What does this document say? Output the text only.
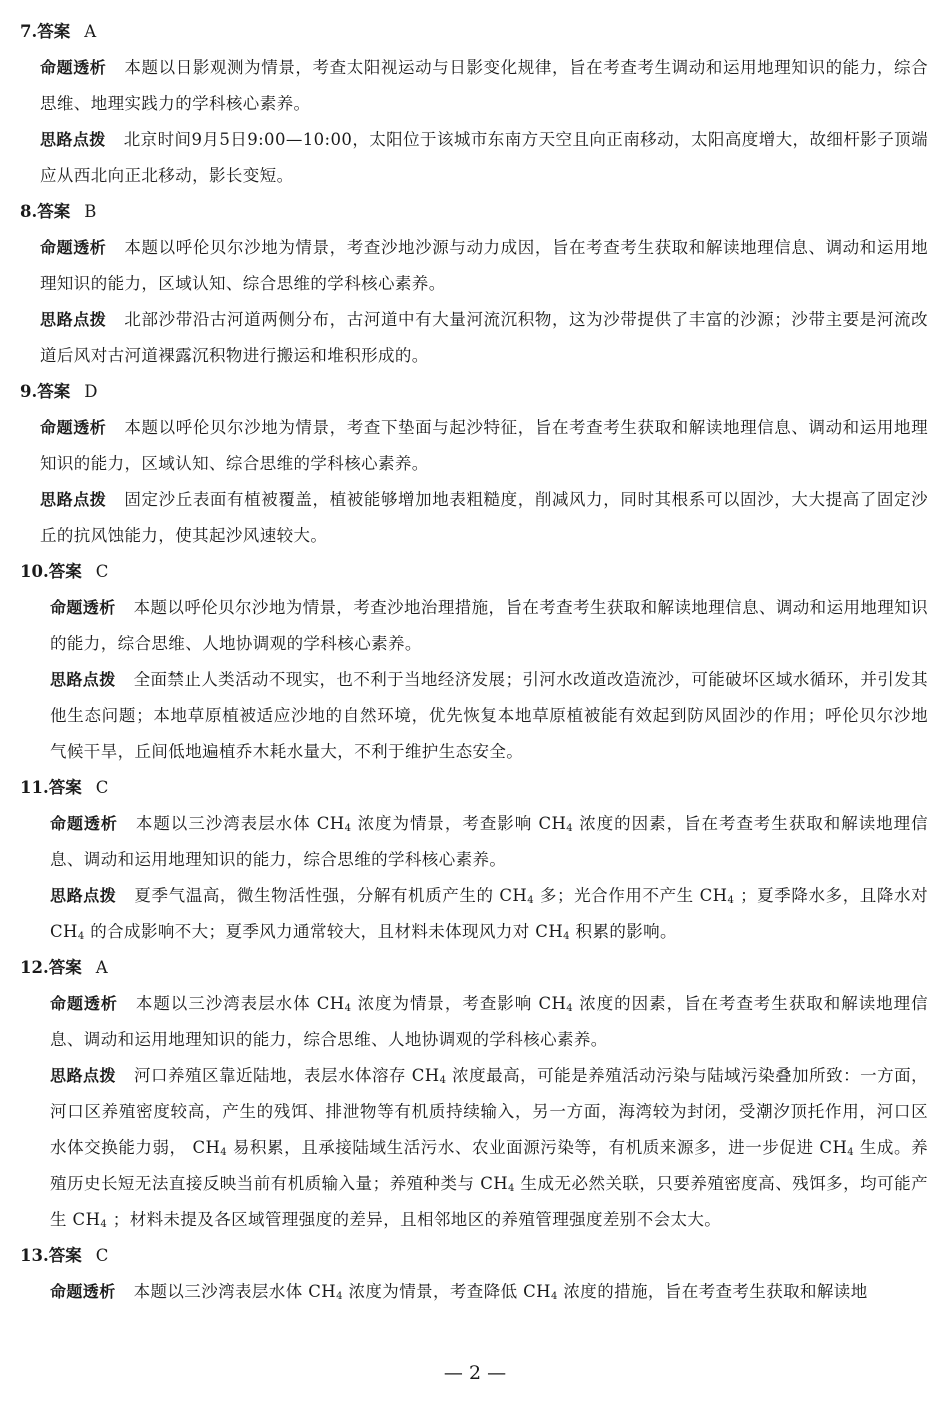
7.答案 A

命题透析 本题以日影观测为情景，考查太阳视运动与日影变化规律，旨在考查考生调动和运用地理知识的能力，综合思维、地理实践力的学科核心素养。

思路点拨 北京时间9月5日9:00—10:00，太阳位于该城市东南方天空且向正南移动，太阳高度增大，故细杆影子顶端应从西北向正北移动，影长变短。

8.答案 B

命题透析 本题以呼伦贝尔沙地为情景，考查沙地沙源与动力成因，旨在考查考生获取和解读地理信息、调动和运用地理知识的能力，区域认知、综合思维的学科核心素养。

思路点拨 北部沙带沿古河道两侧分布，古河道中有大量河流沉积物，这为沙带提供了丰富的沙源；沙带主要是河流改道后风对古河道裸露沉积物进行搬运和堆积形成的。

9.答案 D

命题透析 本题以呼伦贝尔沙地为情景，考查下垫面与起沙特征，旨在考查考生获取和解读地理信息、调动和运用地理知识的能力，区域认知、综合思维的学科核心素养。

思路点拨 固定沙丘表面有植被覆盖，植被能够增加地表粗糙度，削减风力，同时其根系可以固沙，大大提高了固定沙丘的抗风蚀能力，使其起沙风速较大。

10.答案 C

命题透析 本题以呼伦贝尔沙地为情景，考查沙地治理措施，旨在考查考生获取和解读地理信息、调动和运用地理知识的能力，综合思维、人地协调观的学科核心素养。

思路点拨 全面禁止人类活动不现实，也不利于当地经济发展；引河水改道改造流沙，可能破坏区域水循环，并引发其他生态问题；本地草原植被适应沙地的自然环境，优先恢复本地草原植被能有效起到防风固沙的作用；呼伦贝尔沙地气候干旱，丘间低地遍植乔木耗水量大，不利于维护生态安全。

11.答案 C

命题透析 本题以三沙湾表层水体 $CH_4$ 浓度为情景，考查影响 $CH_4$ 浓度的因素，旨在考查考生获取和解读地理信息、调动和运用地理知识的能力，综合思维的学科核心素养。

思路点拨 夏季气温高，微生物活性强，分解有机质产生的 $CH_4$ 多；光合作用不产生 $CH_4$ ；夏季降水多，且降水对 $CH_4$ 的合成影响不大；夏季风力通常较大，且材料未体现风力对 $CH_4$ 积累的影响。

12.答案 A

命题透析 本题以三沙湾表层水体 $CH_4$ 浓度为情景，考查影响 $CH_4$ 浓度的因素，旨在考查考生获取和解读地理信息、调动和运用地理知识的能力，综合思维、人地协调观的学科核心素养。

思路点拨 河口养殖区靠近陆地，表层水体溶存 $CH_4$ 浓度最高，可能是养殖活动污染与陆域污染叠加所致：一方面，河口区养殖密度较高，产生的残饵、排泄物等有机质持续输入，另一方面，海湾较为封闭，受潮汐顶托作用，河口区水体交换能力弱， $CH_4$ 易积累，且承接陆域生活污水、农业面源污染等，有机质来源多，进一步促进 $CH_4$ 生成。养殖历史长短无法直接反映当前有机质输入量；养殖种类与 $CH_4$ 生成无必然关联，只要养殖密度高、残饵多，均可能产生 $CH_4$ ；材料未提及各区域管理强度的差异，且相邻地区的养殖管理强度差别不会太大。

13.答案 C

命题透析 本题以三沙湾表层水体 $CH_4$ 浓度为情景，考查降低 $CH_4$ 浓度的措施，旨在考查考生获取和解读地

— 2 —
